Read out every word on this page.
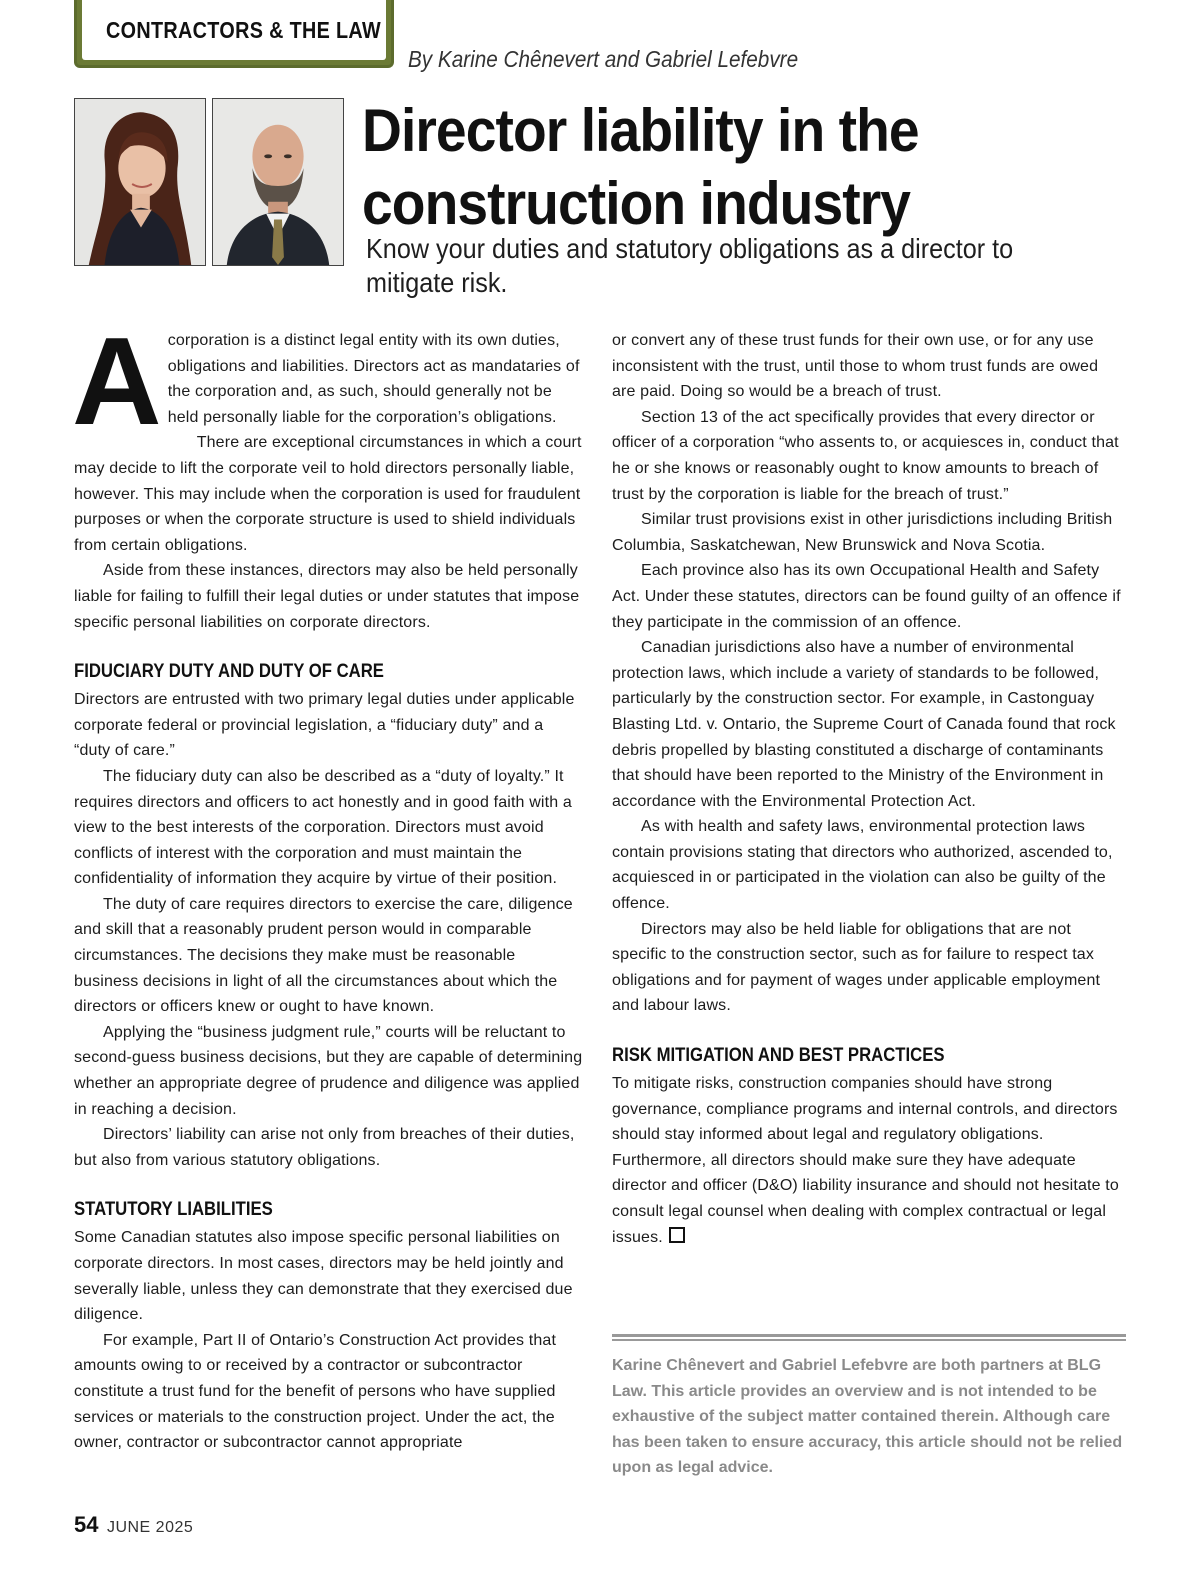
CONTRACTORS & THE LAW
By Karine Chênevert and Gabriel Lefebvre
Director liability in the construction industry

Know your duties and statutory obligations as a director to mitigate risk.

Acorporation is a distinct legal entity with its own duties, obligations and liabilities. Directors act as mandataries of the corporation and, as such, should generally not be held personally liable for the corporation’s obligations.

There are exceptional circumstances in which a court may decide to lift the corporate veil to hold directors personally liable, however. This may include when the corporation is used for fraudulent purposes or when the corporate structure is used to shield individuals from certain obligations.

Aside from these instances, directors may also be held personally liable for failing to fulfill their legal duties or under statutes that impose specific personal liabilities on corporate directors.

FIDUCIARY DUTY AND DUTY OF CARE

Directors are entrusted with two primary legal duties under applicable corporate federal or provincial legislation, a “fiduciary duty” and a “duty of care.”

The fiduciary duty can also be described as a “duty of loyalty.” It requires directors and officers to act honestly and in good faith with a view to the best interests of the corporation. Directors must avoid conflicts of interest with the corporation and must maintain the confidentiality of information they acquire by virtue of their position.

The duty of care requires directors to exercise the care, diligence and skill that a reasonably prudent person would in comparable circumstances. The decisions they make must be reasonable business decisions in light of all the circumstances about which the directors or officers knew or ought to have known.

Applying the “business judgment rule,” courts will be reluctant to second-guess business decisions, but they are capable of determining whether an appropriate degree of prudence and diligence was applied in reaching a decision.

Directors’ liability can arise not only from breaches of their duties, but also from various statutory obligations.

STATUTORY LIABILITIES

Some Canadian statutes also impose specific personal liabilities on corporate directors. In most cases, directors may be held jointly and severally liable, unless they can demonstrate that they exercised due diligence.

For example, Part II of Ontario’s Construction Act provides that amounts owing to or received by a contractor or subcontractor constitute a trust fund for the benefit of persons who have supplied services or materials to the construction project. Under the act, the owner, contractor or subcontractor cannot appropriate

or convert any of these trust funds for their own use, or for any use inconsistent with the trust, until those to whom trust funds are owed are paid. Doing so would be a breach of trust.

Section 13 of the act specifically provides that every director or officer of a corporation “who assents to, or acquiesces in, conduct that he or she knows or reasonably ought to know amounts to breach of trust by the corporation is liable for the breach of trust.”

Similar trust provisions exist in other jurisdictions including British Columbia, Saskatchewan, New Brunswick and Nova Scotia.

Each province also has its own Occupational Health and Safety Act. Under these statutes, directors can be found guilty of an offence if they participate in the commission of an offence.

Canadian jurisdictions also have a number of environmental protection laws, which include a variety of standards to be followed, particularly by the construction sector. For example, in Castonguay Blasting Ltd. v. Ontario, the Supreme Court of Canada found that rock debris propelled by blasting constituted a discharge of contaminants that should have been reported to the Ministry of the Environment in accordance with the Environmental Protection Act.

As with health and safety laws, environmental protection laws contain provisions stating that directors who authorized, ascended to, acquiesced in or participated in the violation can also be guilty of the offence.

Directors may also be held liable for obligations that are not specific to the construction sector, such as for failure to respect tax obligations and for payment of wages under applicable employment and labour laws.

RISK MITIGATION AND BEST PRACTICES

To mitigate risks, construction companies should have strong governance, compliance programs and internal controls, and directors should stay informed about legal and regulatory obligations. Furthermore, all directors should make sure they have adequate director and officer (D&O) liability insurance and should not hesitate to consult legal counsel when dealing with complex contractual or legal issues.

Karine Chênevert and Gabriel Lefebvre are both partners at BLG Law. This article provides an overview and is not intended to be exhaustive of the subject matter contained therein. Although care has been taken to ensure accuracy, this article should not be relied upon as legal advice.

54 JUNE 2025
